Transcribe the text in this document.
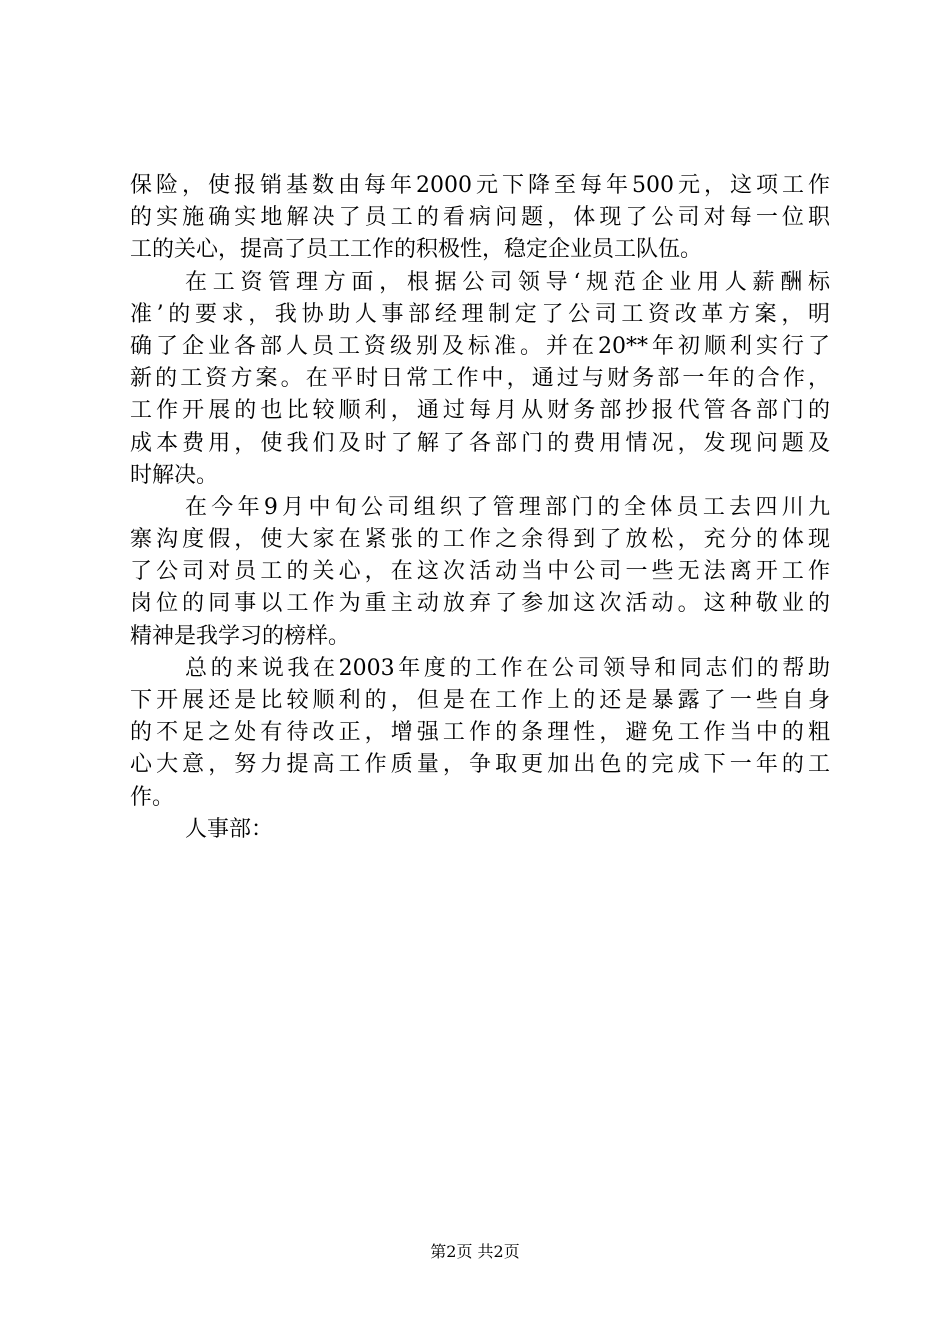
保险，使报销基数由每年2000元下降至每年500元，这项工作
的实施确实地解决了员工的看病问题，体现了公司对每一位职
工的关心，提高了员工工作的积极性，稳定企业员工队伍。
在工资管理方面，根据公司领导‘规范企业用人薪酬标
准’的要求，我协助人事部经理制定了公司工资改革方案，明
确了企业各部人员工资级别及标准。并在20**年初顺利实行了
新的工资方案。在平时日常工作中，通过与财务部一年的合作，
工作开展的也比较顺利，通过每月从财务部抄报代管各部门的
成本费用，使我们及时了解了各部门的费用情况，发现问题及
时解决。
在今年9月中旬公司组织了管理部门的全体员工去四川九
寨沟度假，使大家在紧张的工作之余得到了放松，充分的体现
了公司对员工的关心，在这次活动当中公司一些无法离开工作
岗位的同事以工作为重主动放弃了参加这次活动。这种敬业的
精神是我学习的榜样。
总的来说我在2003年度的工作在公司领导和同志们的帮助
下开展还是比较顺利的，但是在工作上的还是暴露了一些自身
的不足之处有待改正，增强工作的条理性，避免工作当中的粗
心大意，努力提高工作质量，争取更加出色的完成下一年的工
作。
人事部：
第2页 共2页
